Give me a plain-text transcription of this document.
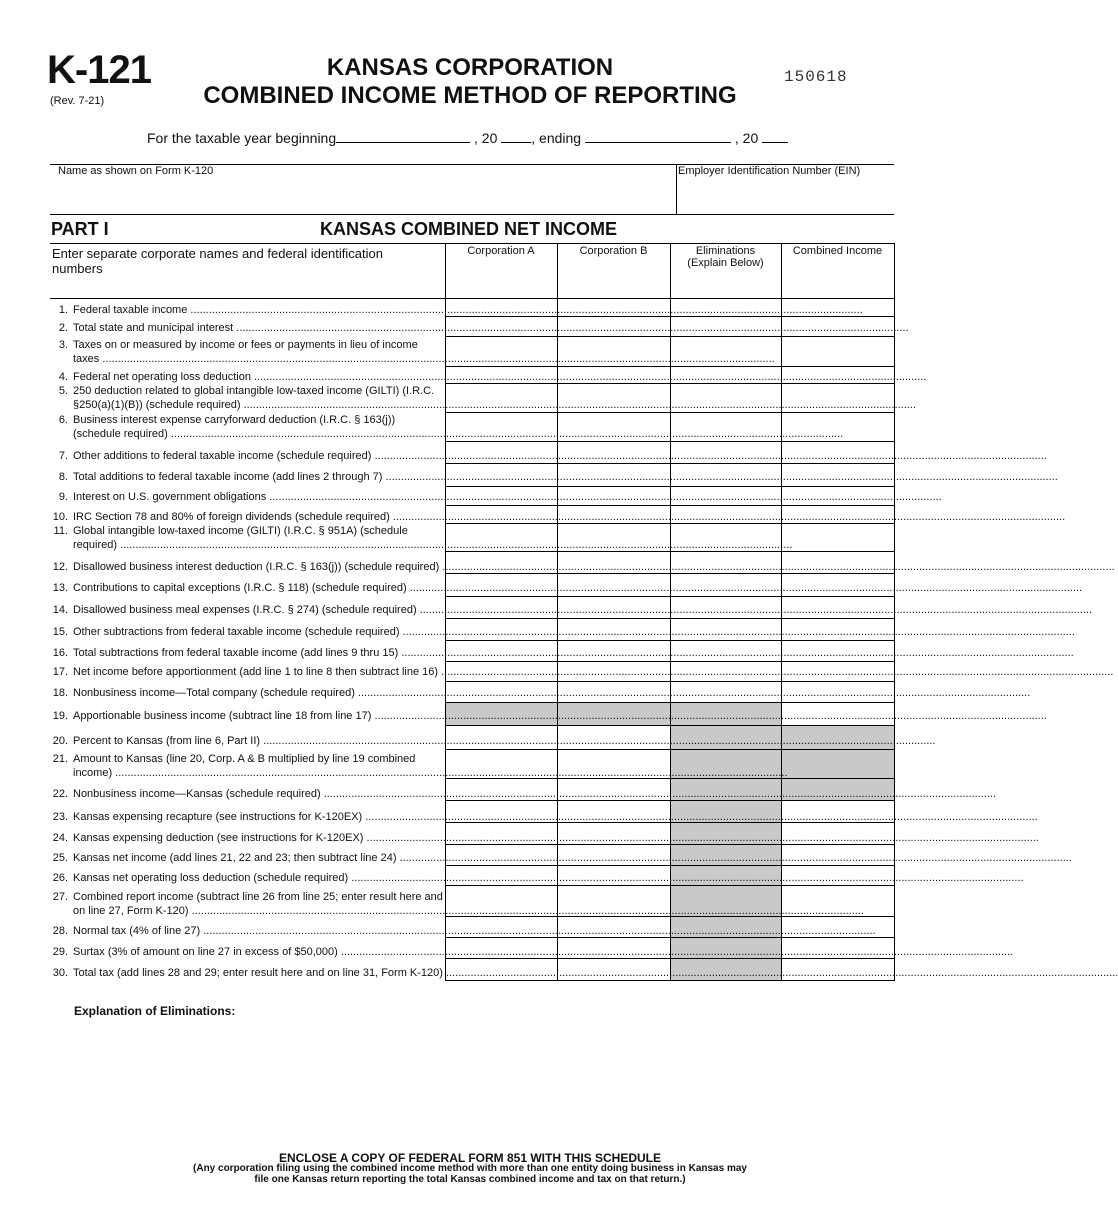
K-121
(Rev. 7-21)
KANSAS CORPORATION
COMBINED INCOME METHOD OF REPORTING
150618
For the taxable year beginning	, 20 , ending	, 20
Name as shown on Form K-120	Employer Identification Number (EIN)
PART I	KANSAS COMBINED NET INCOME
Enter separate corporate names and federal identification numbers
Corporation A	Corporation B	Eliminations
(Explain Below)
Combined Income
1. Federal taxable income ............................................................................................................................................................................................................................
2. Total state and municipal interest ............................................................................................................................................................................................................................
3. Taxes on or measured by income or fees or payments in lieu of income
taxes ............................................................................................................................................................................................................................
4. Federal net operating loss deduction ............................................................................................................................................................................................................................
5. 250 deduction related to global intangible low-taxed income (GILTI) (I.R.C.
§250(a)(1)(B)) (schedule required) ............................................................................................................................................................................................................................
6. Business interest expense carryforward deduction (I.R.C. § 163(j))
(schedule required) ............................................................................................................................................................................................................................
7. Other additions to federal taxable income (schedule required) ............................................................................................................................................................................................................................
8. Total additions to federal taxable income (add lines 2 through 7) ............................................................................................................................................................................................................................
9. Interest on U.S. government obligations ............................................................................................................................................................................................................................
10. IRC Section 78 and 80% of foreign dividends (schedule required) ............................................................................................................................................................................................................................
11. Global intangible low-taxed income (GILTI) (I.R.C. § 951A) (schedule
required) ............................................................................................................................................................................................................................
12. Disallowed business interest deduction (I.R.C. § 163(j)) (schedule required) ............................................................................................................................................................................................................................
13. Contributions to capital exceptions (I.R.C. § 118) (schedule required) ............................................................................................................................................................................................................................
14. Disallowed business meal expenses (I.R.C. § 274) (schedule required) ............................................................................................................................................................................................................................
15. Other subtractions from federal taxable income (schedule required) ............................................................................................................................................................................................................................
16. Total subtractions from federal taxable income (add lines 9 thru 15) ............................................................................................................................................................................................................................
17. Net income before apportionment (add line 1 to line 8 then subtract line 16) ............................................................................................................................................................................................................................
18. Nonbusiness income—Total company (schedule required) ............................................................................................................................................................................................................................
19. Apportionable business income (subtract line 18 from line 17) ............................................................................................................................................................................................................................
20. Percent to Kansas (from line 6, Part II) ............................................................................................................................................................................................................................
21. Amount to Kansas (line 20, Corp. A & B multiplied by line 19 combined
income) ............................................................................................................................................................................................................................
22. Nonbusiness income—Kansas (schedule required) ............................................................................................................................................................................................................................
23. Kansas expensing recapture (see instructions for K-120EX) ............................................................................................................................................................................................................................
24. Kansas expensing deduction (see instructions for K-120EX) ............................................................................................................................................................................................................................
25. Kansas net income (add lines 21, 22 and 23; then subtract line 24) ............................................................................................................................................................................................................................
26. Kansas net operating loss deduction (schedule required) ............................................................................................................................................................................................................................
27. Combined report income (subtract line 26 from line 25; enter result here and
on line 27, Form K-120) ............................................................................................................................................................................................................................
28. Normal tax (4% of line 27) ............................................................................................................................................................................................................................
29. Surtax (3% of amount on line 27 in excess of $50,000) ............................................................................................................................................................................................................................
30. Total tax (add lines 28 and 29; enter result here and on line 31, Form K-120) ............................................................................................................................................................................................................................
Explanation of Eliminations:
ENCLOSE A COPY OF FEDERAL FORM 851 WITH THIS SCHEDULE
(Any corporation filing using the combined income method with more than one entity doing business in Kansas may
file one Kansas return reporting the total Kansas combined income and tax on that return.)
